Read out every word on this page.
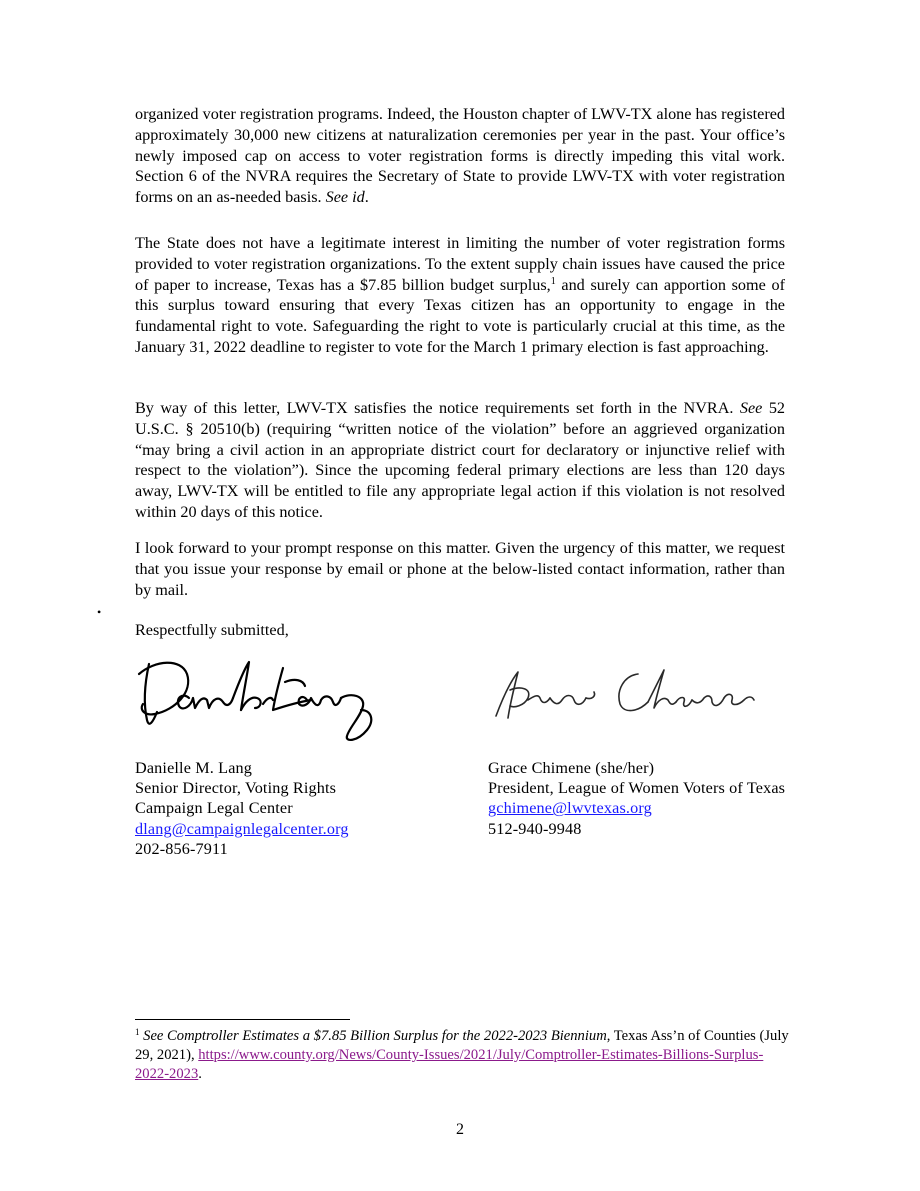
organized voter registration programs. Indeed, the Houston chapter of LWV-TX alone has registered approximately 30,000 new citizens at naturalization ceremonies per year in the past. Your office’s newly imposed cap on access to voter registration forms is directly impeding this vital work. Section 6 of the NVRA requires the Secretary of State to provide LWV-TX with voter registration forms on an as-needed basis. See id.

The State does not have a legitimate interest in limiting the number of voter registration forms provided to voter registration organizations. To the extent supply chain issues have caused the price of paper to increase, Texas has a $7.85 billion budget surplus,$^1$ and surely can apportion some of this surplus toward ensuring that every Texas citizen has an opportunity to engage in the fundamental right to vote. Safeguarding the right to vote is particularly crucial at this time, as the January 31, 2022 deadline to register to vote for the March 1 primary election is fast approaching.

By way of this letter, LWV-TX satisfies the notice requirements set forth in the NVRA. See 52 U.S.C. § 20510(b) (requiring “written notice of the violation” before an aggrieved organization “may bring a civil action in an appropriate district court for declaratory or injunctive relief with respect to the violation”). Since the upcoming federal primary elections are less than 120 days away, LWV-TX will be entitled to file any appropriate legal action if this violation is not resolved within 20 days of this notice.

I look forward to your prompt response on this matter. Given the urgency of this matter, we request that you issue your response by email or phone at the below-listed contact information, rather than by mail.

•
Respectfully submitted,
Danielle M. Lang
Senior Director, Voting Rights
Campaign Legal Center
dlang@campaignlegalcenter.org
202-856-7911
Grace Chimene (she/her)
President, League of Women Voters of Texas
gchimene@lwvtexas.org
512-940-9948

$^1$ See Comptroller Estimates a $7.85 Billion Surplus for the 2022-2023 Biennium, Texas Ass’n of Counties (July 29, 2021), https://www.county.org/News/County-Issues/2021/July/Comptroller-Estimates-Billions-Surplus-2022-2023.

2
